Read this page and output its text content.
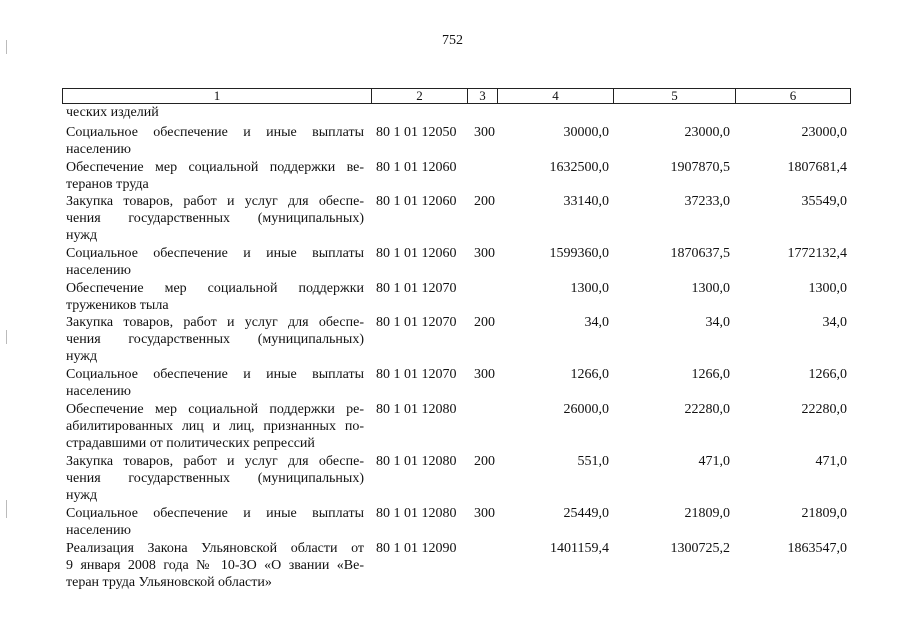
752
1	2	3	4	5	6
ческих изделий
Социальное обеспечение и иные выплаты
населению
80 1 01 12050 300	30000,0	23000,0	23000,0
Обеспечение мер социальной поддержки ве-
теранов труда
80 1 01 12060	1632500,0	1907870,5	1807681,4
Закупка товаров, работ и услуг для обеспе-
чения государственных (муниципальных)
нужд
80 1 01 12060 200	33140,0	37233,0	35549,0
Социальное обеспечение и иные выплаты
населению
80 1 01 12060 300	1599360,0	1870637,5	1772132,4
Обеспечение мер социальной поддержки
тружеников тыла
80 1 01 12070	1300,0	1300,0	1300,0
Закупка товаров, работ и услуг для обеспе-
чения государственных (муниципальных)
нужд
80 1 01 12070 200	34,0	34,0	34,0
Социальное обеспечение и иные выплаты
населению
80 1 01 12070 300	1266,0	1266,0	1266,0
Обеспечение мер социальной поддержки ре-
абилитированных лиц и лиц, признанных по-
страдавшими от политических репрессий
80 1 01 12080	26000,0	22280,0	22280,0
Закупка товаров, работ и услуг для обеспе-
чения государственных (муниципальных)
нужд
80 1 01 12080 200	551,0	471,0	471,0
Социальное обеспечение и иные выплаты
населению
80 1 01 12080 300	25449,0	21809,0	21809,0
Реализация Закона Ульяновской области от
9 января 2008 года № 10-ЗО «О звании «Ве-
теран труда Ульяновской области»
80 1 01 12090	1401159,4	1300725,2	1863547,0
